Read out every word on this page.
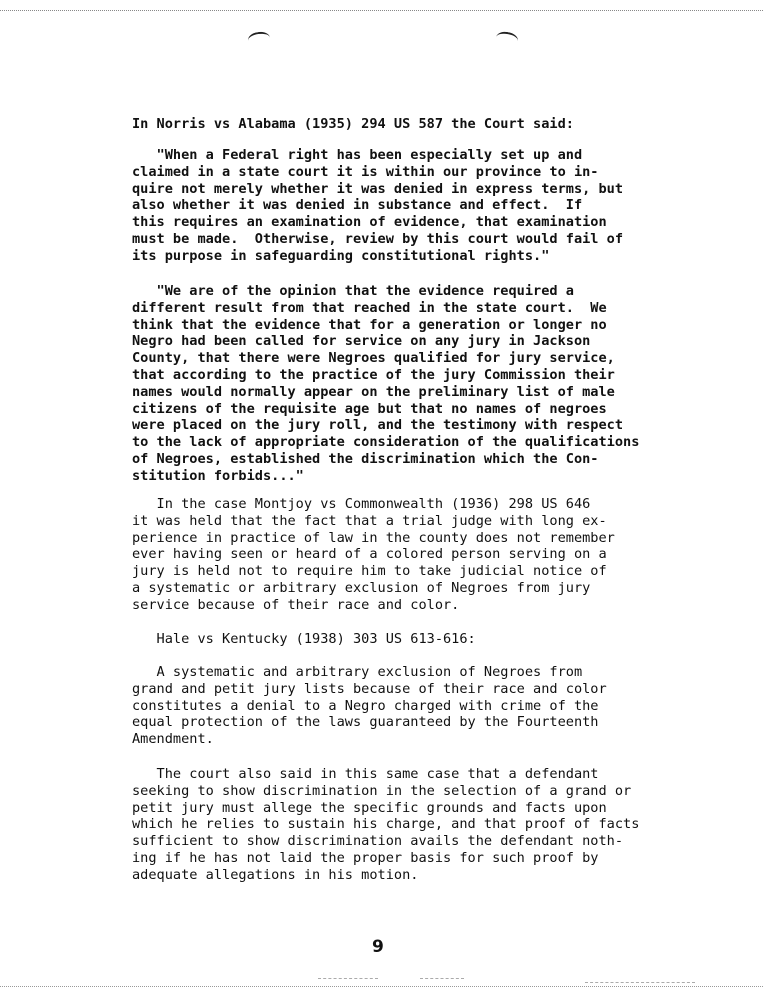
In Norris vs Alabama (1935) 294 US 587 the Court said:

"When a Federal right has been especially set up and
claimed in a state court it is within our province to in-
quire not merely whether it was denied in express terms, but
also whether it was denied in substance and effect.  If
this requires an examination of evidence, that examination
must be made.  Otherwise, review by this court would fail of
its purpose in safeguarding constitutional rights."

"We are of the opinion that the evidence required a
different result from that reached in the state court.  We
think that the evidence that for a generation or longer no
Negro had been called for service on any jury in Jackson
County, that there were Negroes qualified for jury service,
that according to the practice of the jury Commission their
names would normally appear on the preliminary list of male
citizens of the requisite age but that no names of negroes
were placed on the jury roll, and the testimony with respect
to the lack of appropriate consideration of the qualifications
of Negroes, established the discrimination which the Con-
stitution forbids..."

In the case Montjoy vs Commonwealth (1936) 298 US 646
it was held that the fact that a trial judge with long ex-
perience in practice of law in the county does not remember
ever having seen or heard of a colored person serving on a
jury is held not to require him to take judicial notice of
a systematic or arbitrary exclusion of Negroes from jury
service because of their race and color.

Hale vs Kentucky (1938) 303 US 613-616:

A systematic and arbitrary exclusion of Negroes from
grand and petit jury lists because of their race and color
constitutes a denial to a Negro charged with crime of the
equal protection of the laws guaranteed by the Fourteenth
Amendment.

The court also said in this same case that a defendant
seeking to show discrimination in the selection of a grand or
petit jury must allege the specific grounds and facts upon
which he relies to sustain his charge, and that proof of facts
sufficient to show discrimination avails the defendant noth-
ing if he has not laid the proper basis for such proof by
adequate allegations in his motion.

9
